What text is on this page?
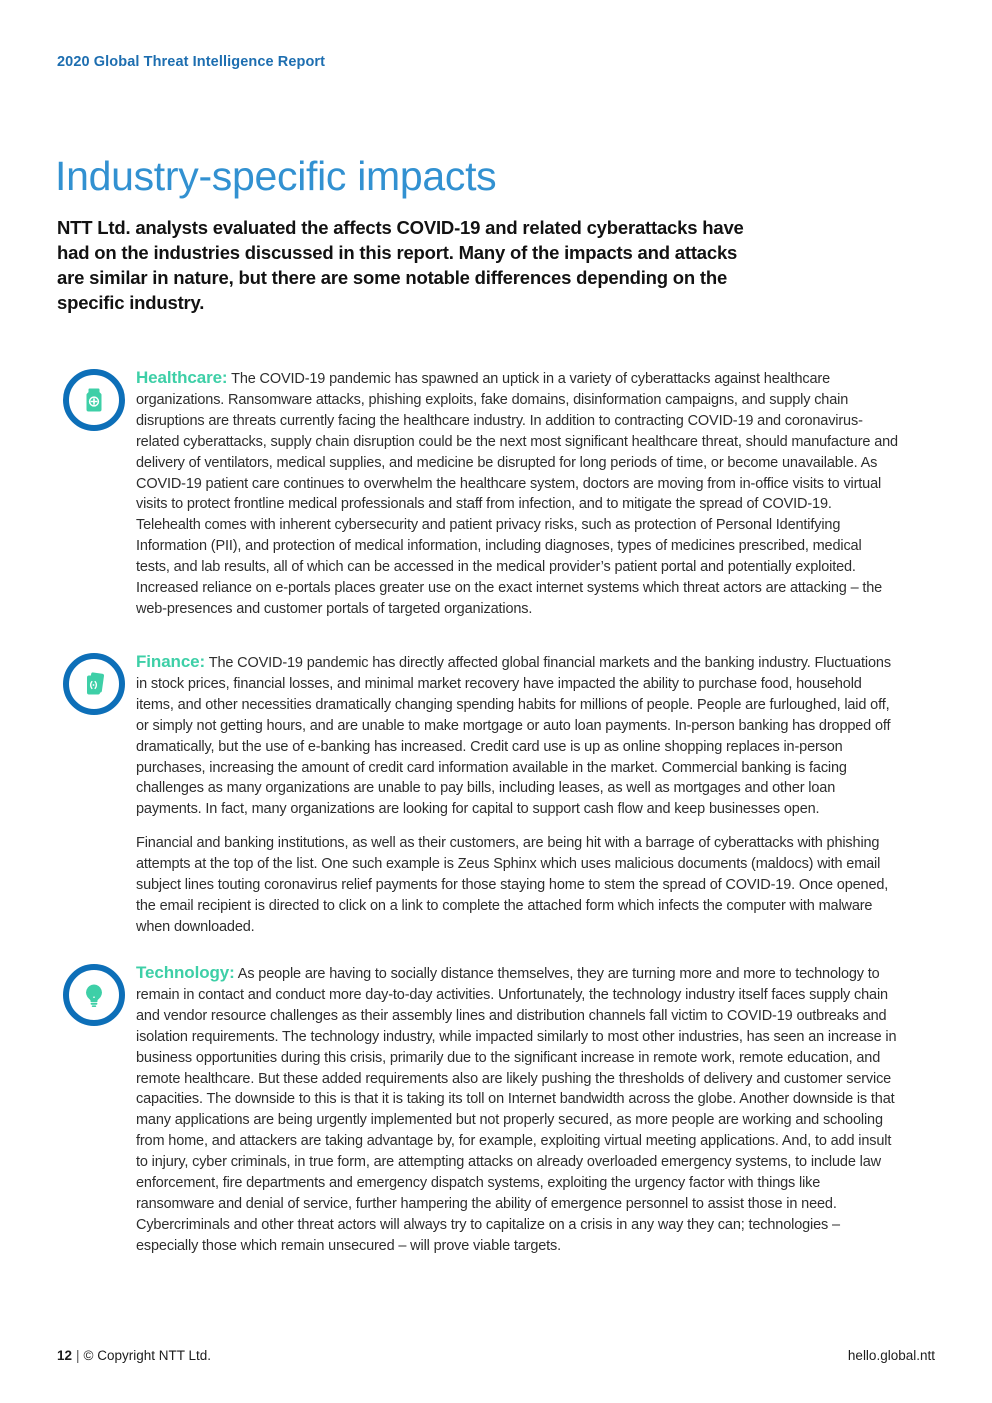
2020 Global Threat Intelligence Report
Industry-specific impacts

NTT Ltd. analysts evaluated the affects COVID-19 and related cyberattacks have had on the industries discussed in this report. Many of the impacts and attacks are similar in nature, but there are some notable differences depending on the specific industry.

Healthcare: The COVID-19 pandemic has spawned an uptick in a variety of cyberattacks against healthcare organizations. Ransomware attacks, phishing exploits, fake domains, disinformation campaigns, and supply chain disruptions are threats currently facing the healthcare industry. In addition to contracting COVID-19 and coronavirus-related cyberattacks, supply chain disruption could be the next most significant healthcare threat, should manufacture and delivery of ventilators, medical supplies, and medicine be disrupted for long periods of time, or become unavailable. As COVID-19 patient care continues to overwhelm the healthcare system, doctors are moving from in-office visits to virtual visits to protect frontline medical professionals and staff from infection, and to mitigate the spread of COVID-19. Telehealth comes with inherent cybersecurity and patient privacy risks, such as protection of Personal Identifying Information (PII), and protection of medical information, including diagnoses, types of medicines prescribed, medical tests, and lab results, all of which can be accessed in the medical provider’s patient portal and potentially exploited. Increased reliance on e-portals places greater use on the exact internet systems which threat actors are attacking – the web-presences and customer portals of targeted organizations.

Finance: The COVID-19 pandemic has directly affected global financial markets and the banking industry. Fluctuations in stock prices, financial losses, and minimal market recovery have impacted the ability to purchase food, household items, and other necessities dramatically changing spending habits for millions of people. People are furloughed, laid off, or simply not getting hours, and are unable to make mortgage or auto loan payments. In-person banking has dropped off dramatically, but the use of e-banking has increased. Credit card use is up as online shopping replaces in-person purchases, increasing the amount of credit card information available in the market. Commercial banking is facing challenges as many organizations are unable to pay bills, including leases, as well as mortgages and other loan payments. In fact, many organizations are looking for capital to support cash flow and keep businesses open.

Financial and banking institutions, as well as their customers, are being hit with a barrage of cyberattacks with phishing attempts at the top of the list. One such example is Zeus Sphinx which uses malicious documents (maldocs) with email subject lines touting coronavirus relief payments for those staying home to stem the spread of COVID-19. Once opened, the email recipient is directed to click on a link to complete the attached form which infects the computer with malware when downloaded.

Technology: As people are having to socially distance themselves, they are turning more and more to technology to remain in contact and conduct more day-to-day activities. Unfortunately, the technology industry itself faces supply chain and vendor resource challenges as their assembly lines and distribution channels fall victim to COVID-19 outbreaks and isolation requirements. The technology industry, while impacted similarly to most other industries, has seen an increase in business opportunities during this crisis, primarily due to the significant increase in remote work, remote education, and remote healthcare. But these added requirements also are likely pushing the thresholds of delivery and customer service capacities. The downside to this is that it is taking its toll on Internet bandwidth across the globe. Another downside is that many applications are being urgently implemented but not properly secured, as more people are working and schooling from home, and attackers are taking advantage by, for example, exploiting virtual meeting applications. And, to add insult to injury, cyber criminals, in true form, are attempting attacks on already overloaded emergency systems, to include law enforcement, fire departments and emergency dispatch systems, exploiting the urgency factor with things like ransomware and denial of service, further hampering the ability of emergence personnel to assist those in need. Cybercriminals and other threat actors will always try to capitalize on a crisis in any way they can; technologies – especially those which remain unsecured – will prove viable targets.

12 | © Copyright NTT Ltd.	hello.global.ntt
